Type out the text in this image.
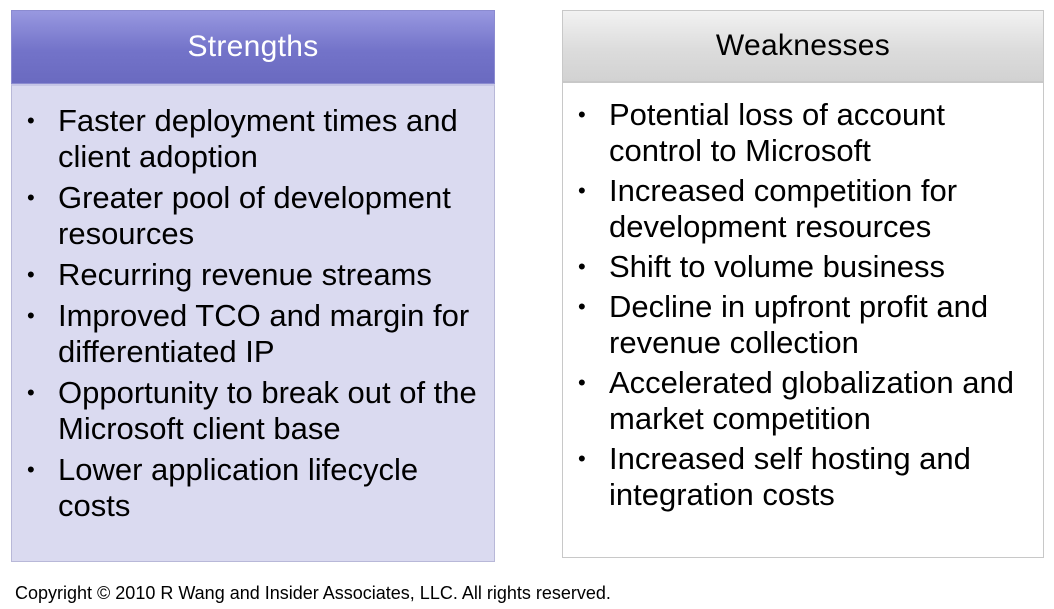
Strengths
• Faster deployment times and client adoption
• Greater pool of development resources
• Recurring revenue streams
• Improved TCO and margin for differentiated IP
• Opportunity to break out of the Microsoft client base
• Lower application lifecycle costs
Weaknesses
• Potential loss of account control to Microsoft
• Increased competition for development resources
• Shift to volume business
• Decline in upfront profit and revenue collection
• Accelerated globalization and market competition
• Increased self hosting and integration costs
Copyright © 2010 R Wang and Insider Associates, LLC. All rights reserved.
